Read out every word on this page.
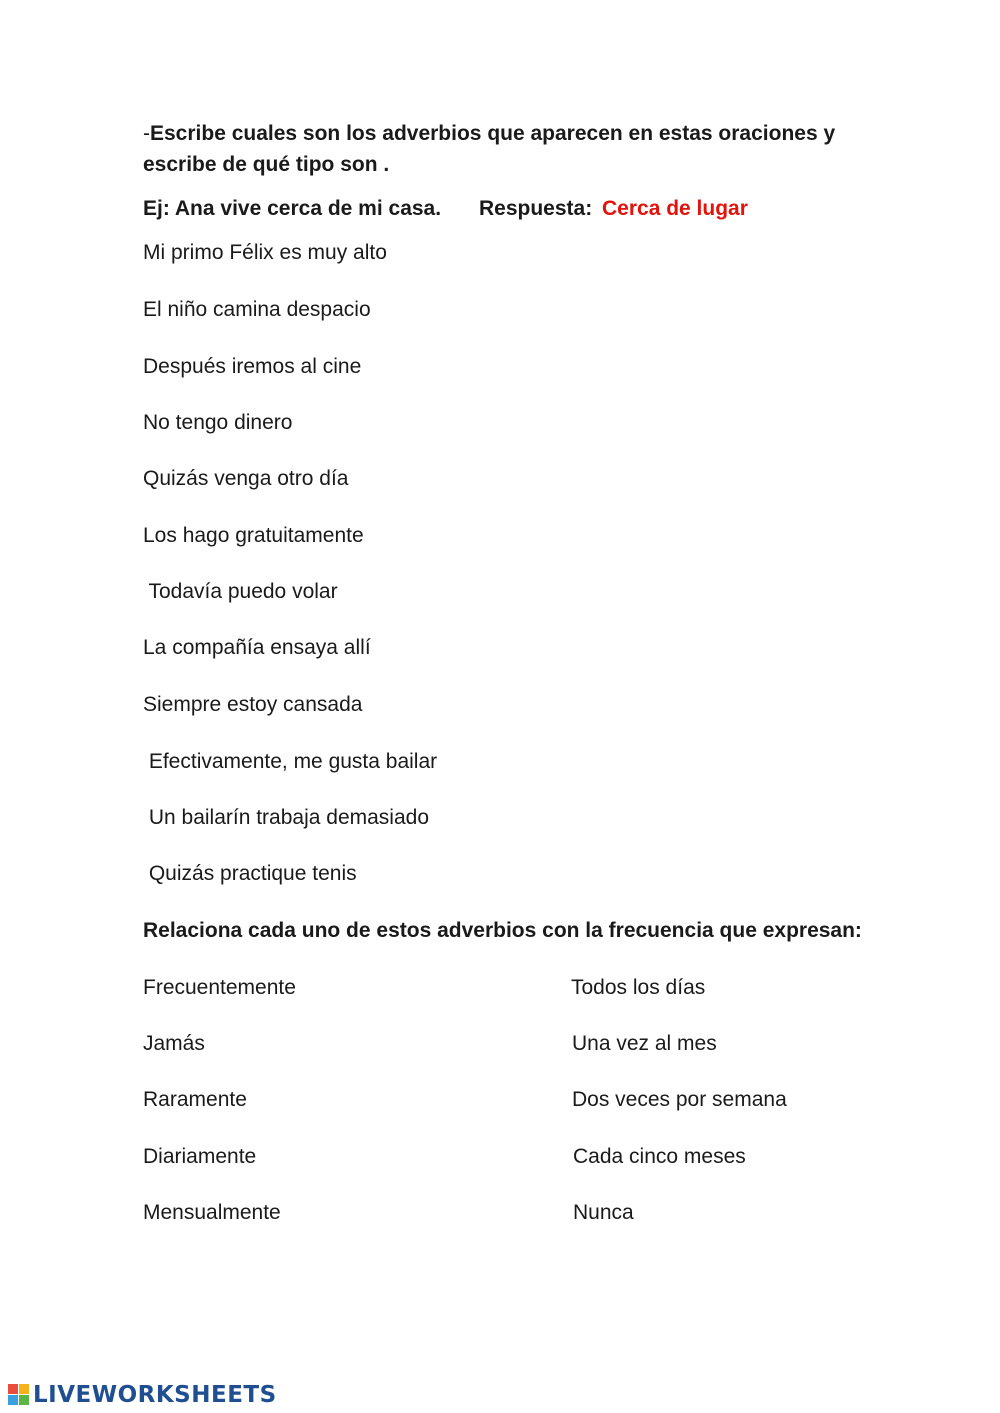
-Escribe cuales son los adverbios que aparecen en estas oraciones y
escribe de qué tipo son .
Ej: Ana vive cerca de mi casa. Respuesta: Cerca de lugar
Mi primo Félix es muy alto
El niño camina despacio
Después iremos al cine
No tengo dinero
Quizás venga otro día
Los hago gratuitamente
Todavía puedo volar
La compañía ensaya allí
Siempre estoy cansada
Efectivamente, me gusta bailar
Un bailarín trabaja demasiado
Quizás practique tenis
Relaciona cada uno de estos adverbios con la frecuencia que expresan:
Frecuentemente
Jamás
Raramente
Diariamente
Mensualmente
Todos los días
Una vez al mes
Dos veces por semana
Cada cinco meses
Nunca
LIVEWORKSHEETS
